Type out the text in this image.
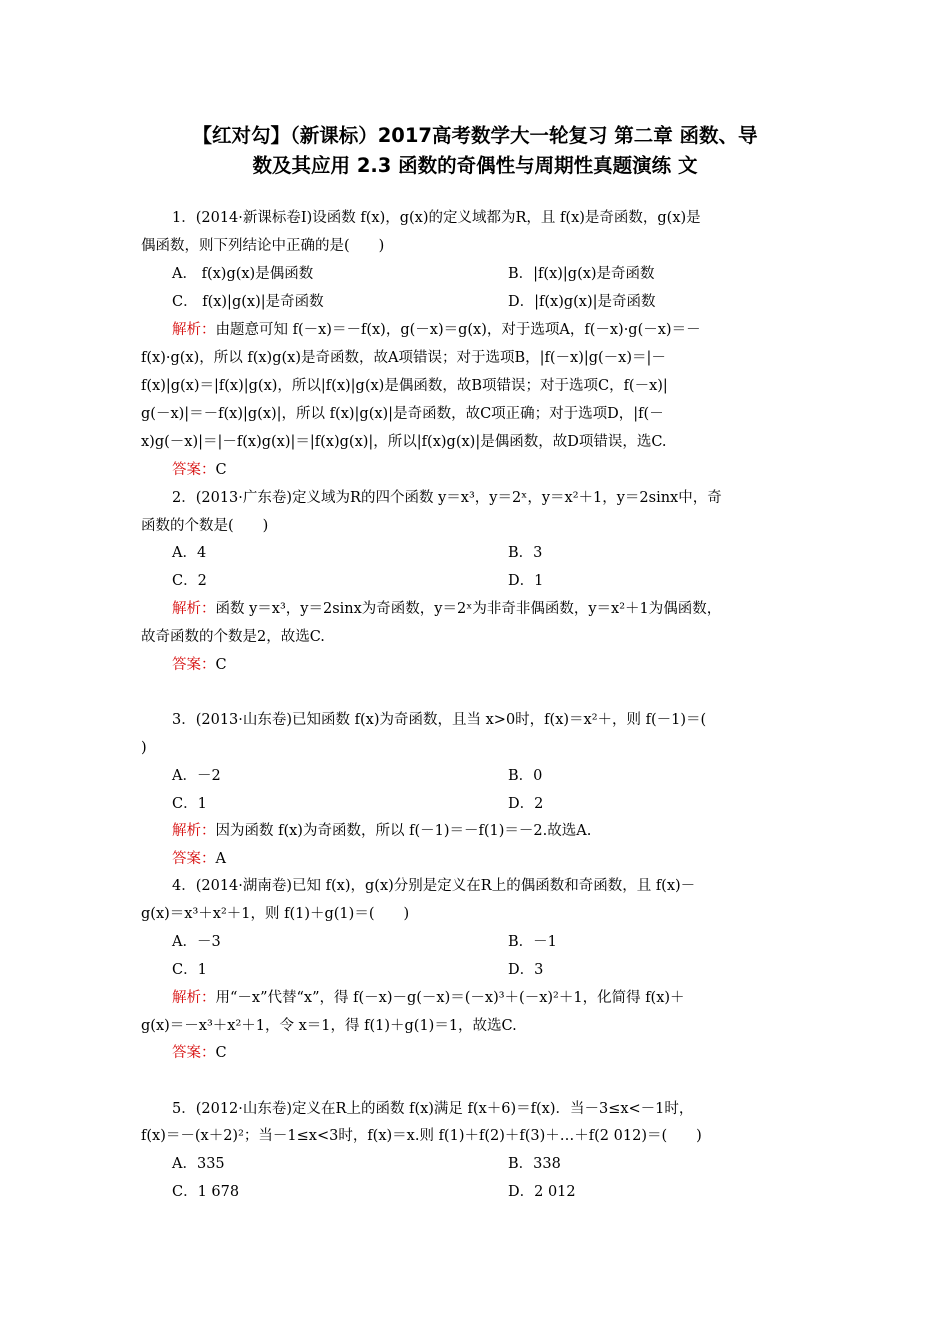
【红对勾】（新课标）2017高考数学大一轮复习 第二章 函数、导
数及其应用 2.3 函数的奇偶性与周期性真题演练 文
1．(2014·新课标卷Ⅰ)设函数 f(x)，g(x)的定义域都为R，且 f(x)是奇函数，g(x)是
偶函数，则下列结论中正确的是(　　)
A． f(x)g(x)是偶函数	B．|f(x)|g(x)是奇函数
C． f(x)|g(x)|是奇函数	D．|f(x)g(x)|是奇函数
解析：由题意可知 f(－x)＝－f(x)，g(－x)＝g(x)，对于选项A，f(－x)·g(－x)＝－
f(x)·g(x)，所以 f(x)g(x)是奇函数，故A项错误；对于选项B，|f(－x)|g(－x)＝|－
f(x)|g(x)＝|f(x)|g(x)，所以|f(x)|g(x)是偶函数，故B项错误；对于选项C，f(－x)|
g(－x)|＝－f(x)|g(x)|，所以 f(x)|g(x)|是奇函数，故C项正确；对于选项D，|f(－
x)g(－x)|＝|－f(x)g(x)|＝|f(x)g(x)|，所以|f(x)g(x)|是偶函数，故D项错误，选C.
答案：C
2．(2013·广东卷)定义域为R的四个函数 y＝x³，y＝2ˣ，y＝x²＋1，y＝2sinx中，奇
函数的个数是(　　)
A．4	B．3
C．2	D．1
解析：函数 y＝x³，y＝2sinx为奇函数，y＝2ˣ为非奇非偶函数，y＝x²＋1为偶函数，
故奇函数的个数是2，故选C.
答案：C
3．(2013·山东卷)已知函数 f(x)为奇函数，且当 x>0时，f(x)＝x²＋，则 f(－1)＝(
)
A．－2	B．0
C．1	D．2
解析：因为函数 f(x)为奇函数，所以 f(－1)＝－f(1)＝－2.故选A.
答案：A
4．(2014·湖南卷)已知 f(x)，g(x)分别是定义在R上的偶函数和奇函数，且 f(x)－
g(x)＝x³＋x²＋1，则 f(1)＋g(1)＝(　　)
A．－3	B．－1
C．1	D．3
解析：用“－x”代替“x”，得 f(－x)－g(－x)＝(－x)³＋(－x)²＋1，化简得 f(x)＋
g(x)＝－x³＋x²＋1，令 x＝1，得 f(1)＋g(1)＝1，故选C.
答案：C
5．(2012·山东卷)定义在R上的函数 f(x)满足 f(x＋6)＝f(x)．当－3≤x<－1时，
f(x)＝－(x＋2)²；当－1≤x<3时，f(x)＝x.则 f(1)＋f(2)＋f(3)＋…＋f(2 012)＝(　　)
A．335	B．338
C．1 678	D．2 012
